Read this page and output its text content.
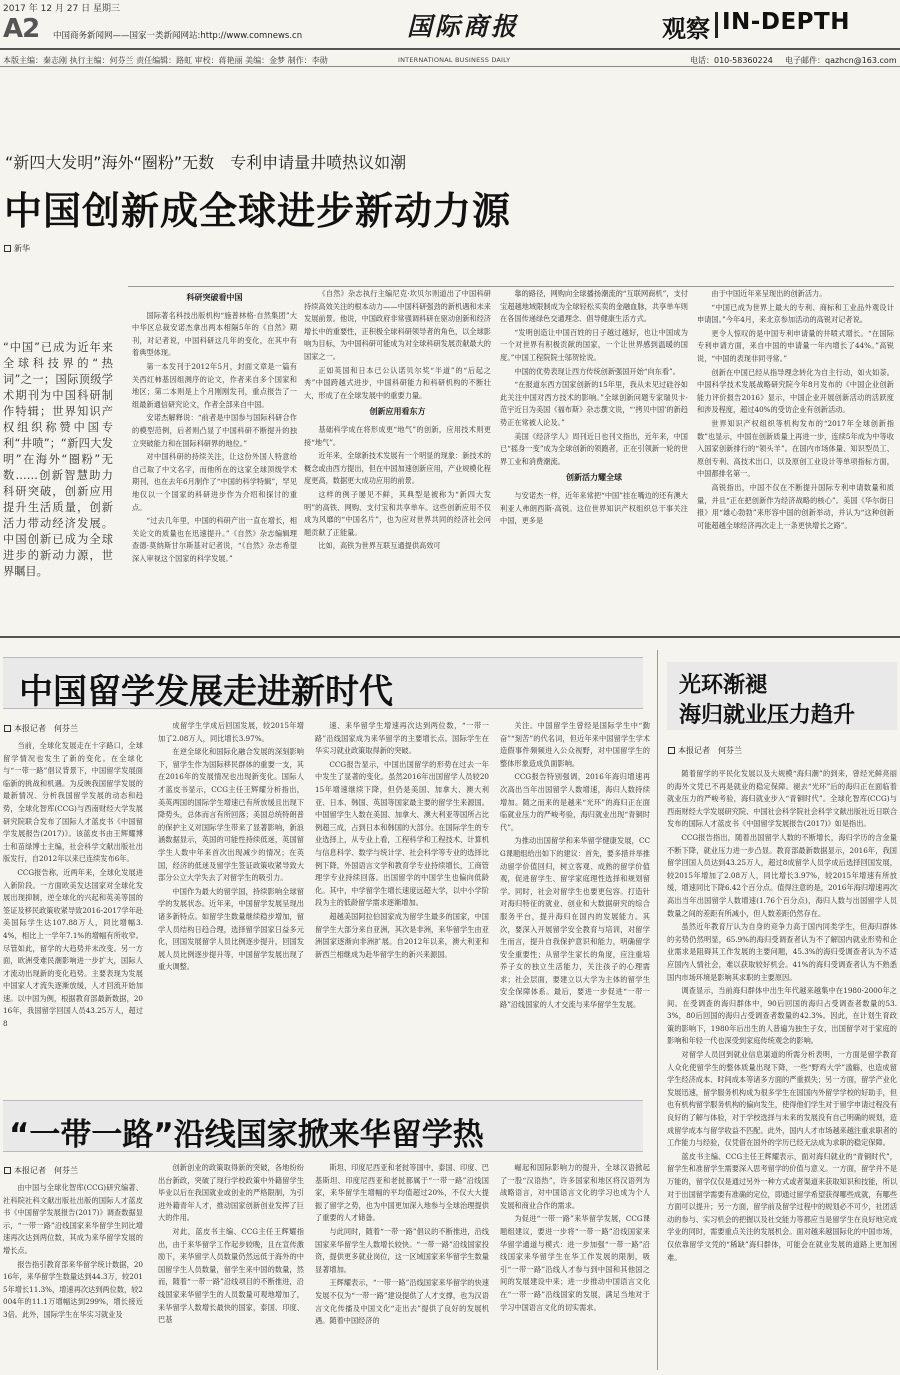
2017 年 12 月 27 日 星期三
A2 中国商务新闻网——国家一类新闻网站:http://www.comnews.cn	国际商报
INTERNATIONAL BUSINESS DAILY
观察 IN-DEPTH
本版主编：秦志刚 执行主编：何芬兰 责任编辑：路虹 审校：蒋艳丽 美编：金梦 制作：李勋	电话：010-58360224 电子邮件：qazhcn@163.com
“新四大发明”海外“圈粉”无数　专利申请量井喷热议如潮
中国创新成全球进步新动力源
新华
“中国”已成为近年来全球科技界的“热词”之一；国际顶级学术期刊为中国科研制作特辑；世界知识产权组织称赞中国专利“井喷”；“新四大发明”在海外“圈粉”无数……创新智慧助力科研突破，创新应用提升生活质量，创新活力带动经济发展。中国创新已成为全球进步的新动力源，世界瞩目。
科研突破看中国

国际著名科技出版机构“施普林格·自然集团”大中华区总裁安诺杰拿出两本相隔5年的《自然》期刊，对记者说，中国科研这几年的变化，在其中有着典型体现。

第一本发刊于2012年5月，封面文章是一篇有关西红柿基因组测序的论文，作者来自多个国家和地区；第二本则是上个月刚刚发刊，重点报告了一组最新通信研究论文，作者全部来自中国。

安诺杰解释说：“前者是中国参与国际科研合作的模型范例，后者则凸显了中国科研不断提升的独立突破能力和在国际科研界的地位。”

对中国科研的持续关注，让这份外国人特意给自己取了中文名字，而他所在的这家全球顶级学术期刊，也在去年6月制作了“中国的科学特辑”，罕见地仅以一个国家的科研进步作为介绍和探讨的重点。

“过去几年里，中国的科研产出一直在增长，相关论文的质量也在迅速提升。”《自然》杂志编辑理查德·莫纳斯甘尔斯基对记者说，“《自然》杂志希望深入审视这个国家的科学发展。”

《自然》杂志执行主编尼克·坎贝尔则道出了中国科研持续高效关注的根本动力——中国科研强劲的新机遇和未来发展前景。他说，中国政府非常强调科研在驱动创新和经济增长中的重要性，正积极全球科研领导者的角色，以全球影响为目标，为中国科研可能成为对全球科研发展贡献最大的国家之一。

正如英国和日本已公认诺贝尔奖“半道”的“后起之秀”中国跨越式进步，中国科研能力和科研机构的不断壮大，形成了在全球发展中的重要力量。

创新应用看东方

基础科学成在将形成更“地气”的创新，应用技术则更接“地气”。

近年来，全球新技术发展有一个明显的现象：新技术的概念或由西方提出，但在中国加速创新应用，产业规模化程度更高，数据更大成功应用的前景。

这样的例子屡见不鲜，其典型是被称为“新四大发明”的高铁、网购、支付宝和共享单车。这些创新应用不仅成为风靡的“中国名片”，也为应对世界共同的经济社会问题贡献了正能量。

比如，高铁为世界互联互通提供高效可

靠的路径，网购向全球播扬潮流的“互联网商机”，支付宝超越地域限制成为全球轻松买卖的金融血脉，共享单车则在各国传递绿色交通理念、倡导健康生活方式。

“发明创造让中国百姓的日子越过越好，也让中国成为一个对世界有积极贡献的国家，一个让世界感到温暖的国度。”中国工程院院士邬贺铨说。

中国的优势表现让西方传统创新强国开始“向东看”。

“在报道东西方国家创新的15年里，我从未见过硅谷如此关注中国对西方技术的影响。”全球创新问题专家瑞贝卡·范宇近日为美国《福布斯》杂志撰文说，“‘拷贝中国’的新趋势正在常被人论及。”

美国《经济学人》周刊近日也刊文指出，近年来，中国已“摇身一变”成为全球创新的领跑者，正在引领新一轮的世界工业和消费潮流。

创新活力耀全球

与安诺杰一样，近年来常把“中国”挂在嘴边的还有澳大利亚人弗朗西斯·高锐。这位世界知识产权组织总干事关注中国，更多是

由于中国近年来呈现出的创新活力。

“中国已成为世界上最大的专利、商标和工业品外观设计申请国。”今年4月，来北京参加活动的高锐对记者说。

更令人惊叹的是中国专利申请量的井喷式增长。“在国际专利申请方面，来自中国的申请量一年内增长了44%。”高锐说，“中国的表现非同寻常。”

创新在中国已经从指导理念转化为自主行动，如火如荼。中国科学技术发展战略研究院今年8月发布的《中国企业创新能力评价报告2016》显示，中国企业开展创新活动的活跃度和涉及程度，超过40%的受访企业有创新活动。

世界知识产权组织等机构发布的“2017年全球创新指数”也显示，中国在创新质量上再进一步，连续5年成为中等收入国家创新排行的“领头羊”。在国内市场体量、知识型员工、原创专利、高技术出口，以及原创工业设计等单项指标方面，中国都排名第一。

高锐指出，中国不仅在不断提升国际专利申请数量和质量，并且“正在把创新作为经济战略的核心”。美国《华尔街日报》用“雄心勃勃”来形容中国的创新举动，并认为“这种创新可能超越全球经济再次走上一条更快增长之路”。

中国留学发展走进新时代
本报记者　何芬兰

当前，全球化发展走在十字路口，全球留学情况也发生了新的变化。在全球化与“一带一路”倡议背景下，中国留学发展面临新的挑战和机遇。为反映我国留学发展的最新情况、分析我国留学发展的动态和趋势，全球化智库(CCG)与西南财经大学发展研究院联合发布了国际人才蓝皮书《中国留学发展报告(2017)》。该蓝皮书由王辉耀博士和苗绿博士主编，社会科学文献出版社出版发行，自2012年以来已连续发布6年。

CCG报告称，近两年来，全球化发展进入新阶段。一方面欧美发达国家对全球化发展出现抑制，逆全球化的兴起和英美等国的签证及移民政策收紧导致2016-2017学年赴美国际学生达107.88万人，同比增幅3.4%，相比上一学年7.1%的增幅有所收窄。尽管如此，留学的大趋势并未改变。另一方面，欧洲受难民潮影响进一步扩大，国际人才流动出现新的变化趋势。主要表现为发展中国家人才流失逐渐放缓，人才回流开始加速。以中国为例，根据教育部最新数据，2016年，我国留学回国人员43.25万人，超过8

成留学生学成后回国发展，较2015年增加了2.08万人，同比增长3.97%。

在逆全球化和国际化融合发展的深刻影响下，留学生作为国际移民群体的重要一支，其在2016年的发展情况也出现新变化。国际人才蓝皮书显示，CCG主任王辉耀分析指出，美英两国的国际学生增速已有所放缓且出现下降势头，总体而言有所回落；美国总统特朗普的保护主义对国际学生带来了显著影响，新浪涵数据显示，英国的可能性持续低迷，英国留学生人数中年来首次出现减少的情况；在英国，经济的低迷及留学生签证政策收紧导致大部分公立大学失去了对留学生的吸引力。

中国作为最大的留学国，持续影响全球留学的发展状态。近年来，中国留学发展呈现出诸多新特点。如留学生数量继续稳步增加，留学人员结构日趋合理，选择留学国家日益多元化，回国发展留学人员比例逐步提升，回国发展人员比例逐步提升等，中国留学发展出现了重大调整。

速、来华留学生增速再次达到两位数，“一带一路”沿线国家成为来华留学的主要增长点。国际学生在华实习就业政策取得新的突破。

CCG报告显示，中国出国留学的形势在过去一年中发生了显著的变化。虽然2016年出国留学人员较2015年增速继续下降，但仍是美国、加拿大、澳大利亚、日本、韩国、英国等国家最主要的留学生来源国。中国留学生人数在美国、加拿大、澳大利亚等国所占比例超三成，占到日本和韩国的大部分。在国际学生的专业选择上，从专业上看，工程科学和工程技术、计算机与信息科学、数学与统计学、社会科学等专业的选择比例下降，外国语言文学和教育学专业持续增长，工商管理学专业持续回落。出国留学的中国学生也偏向低龄化。其中，中学留学生增长速度远超大学，以中小学阶段为主的低龄留学需求逐渐增加。

超越美国阿拉伯国家成为留学生最多的国家，中国留学生大部分来自亚洲，其次是非洲，来华留学生由亚洲国家逐渐向非洲扩展。自2012年以来，澳大利亚和新西兰相继成为赴华留学生的新兴来源国。

关注。中国留学生曾经是国际学生中“勤奋”“刻苦”的代名词，但近年来中国留学生学术造假事件频频进入公众视野，对中国留学生的整体形象造成负面影响。

CCG报告特别强调，2016年海归增速再次高出当年出国留学人数增速，海归人数持续增加。随之而来的是越来“光环”的海归正在面临就业压力的严峻考验，海归就业出现“青铜时代”。

为推动出国留学和来华留学健康发展，CCG课题组给出如下的建议：首先，要多措并举推动留学价值回归，树立客观、成熟的留学价值观，促进留学生、留学家庭理性选择和规划留学。同时，社会对留学生也要更包容。打造针对海归特征的就业、创业和大数据研究的综合服务平台，提升海归在国内的发展能力。其次，要深入开展留学安全教育与培训，对留学生而言，提升自我保护意识和能力，明确留学安全重要性；从留学生家长的角度，应注重培养子女的独立生活能力，关注孩子的心理需求；社会层面，要建立以大学为主体的留学生安全保障体系。最后，要进一步促进“一带一路”沿线国家的人才交流与来华留学生发展。

光环渐褪
海归就业压力趋升
本报记者　何芬兰

随着留学的平民化发展以及大规模“海归潮”的到来，曾经光鲜亮丽的海外文凭已不再是就业的稳定保障。褪去“光环”后的海归正在面临着就业压力的严峻考验，海归就业步入“青铜时代”。全球化智库(CCG)与西南财经大学发展研究院、中国社会科学院社会科学文献出版社近日联合发布的国际人才蓝皮书《中国留学发展报告(2017)》如是指出。

CCG报告指出，随着出国留学人数的不断增长，海归学历的含金量不断下降，就业压力进一步凸显。教育部最新数据显示，2016年，我国留学回国人员达到43.25万人，超过8成留学人员学成后选择回国发展，较2015年增加了2.08万人，同比增长3.97%，较2015年增速有所放缓，增速同比下降6.42个百分点。值得注意的是，2016年海归增速再次高出当年出国留学人数增速(1.76个百分点)，海归人数与出国留学人员数量之间的差距有所减小，但人数差距仍然存在。

虽然近年教育厅认为自身的竞争力高于国内同类学生，但海归群体的劣势仍然明显，65.9%的海归受调查者认为不了解国内就业形势和企业需求是阻碍其工作发展的主要问题，45.3%的海归受调查者认为不适应国内人情社会，难以获取较好机会。41%的海归受调查者认为不熟悉国内市场环境是影响其求职的主要原因。

调查显示，当前海归群体中出生年代越来越集中在1980-2000年之间。在受调查的海归群体中，90后回国的海归占受调查者数量的53.3%，80后回国的海归占受调查者数量的42.3%。因此，在计划生育政策的影响下，1980年后出生的人普遍为独生子女，出国留学对于家庭的影响和年轻一代也深受到家庭传统观念的影响。

对留学人员回到就业信息渠道的所需分析表明，一方面是留学教育人众化使留学生的整体质量出现下降，一些“野鸡大学”滥觞，也造成留学生经济成本、时间成本等诸多方面的严重损失；另一方面，留学产业化发展迅速，留学服务机构成为很多学生在国国内外留学学校的好助手，但也有机构留学服务机构的偏向发生，使得他们学生对于留学申请过程没有良好的了解与体验，对于学校选择与未来的发展没有自己明确的规划，造成留学成本与留学收益不匹配。此外，国内人才市场越来越注重求职者的工作能力与经验，仅凭借在国外的学历已经无法成为求职的稳定保障。

蓝皮书主编、CCG主任王辉耀表示，面对海归就业的“青铜时代”，留学生和准留学生需要深入思考留学的价值与意义。一方面，留学并不是万能的，留学仅仅是通过另外一种方式或者渠道来获取知识和技能，所以对于出国留学需要有准确的定位，即通过留学希望获得哪些成就，有哪些方面可以提升；另一方面，留学前及留学过程中的规划必不可少，社团活动的参与、实习机会的把握以及社交能力等都应当是留学生在良好地完成学业的同时，需要重点关注的发展机会。面对越来越国际化的中国市场，仅依靠留学文凭的“稀缺”海归群体，可能会在就业发展的道路上更加困难。

“一带一路”沿线国家掀来华留学热
本报记者　何芬兰

由中国与全球化智库(CCG)研究编著、社科院社科文献出版社出版的国际人才蓝皮书《中国留学发展报告(2017)》调查数据显示，“一带一路”沿线国家来华留学生同比增速再次达到两位数，其成为来华留学发展的增长点。

报告指引教育部来华留学统计数据，2016年，来华留学生数量达到44.3万，较2015年增长11.3%，增速再次达到两位数，较2004年的11.1万增幅达到299%，增长接近3倍。此外，国际学生在华实习就业及

创新创业的政策取得新的突破，各地纷纷出台新政，突破了现行学校政策中外籍留学生毕业以后在我国就业或创业的严格限制，为引进外籍青年人才，推动国家创新创业发挥了巨大的作用。

对此，蓝皮书主编、CCG主任王辉耀指出，由于来华留学工作起步较晚，且在宣传激励下，来华留学人员数量仍然远低于海外的中国留学生人员数量，留学生来中国的数量，然而，随着“一带一路”沿线项目的不断推进，沿线国家来华留学生的人员数量可观地增加了，来华留学人数增长最快的国家，泰国、印度、巴基

斯坦、印度尼西亚和老挝等国中，泰国、印度、巴基斯坦、印度尼西亚和老挝都属于“一带一路”沿线国家，来华留学生增幅的平均值超过20%，不仅大大提振了留学之势，也为中国更加深入地参与全球治理提供了重要的人才储备。

与此同时，随着“一带一路”倡议的不断推进，沿线国家来华留学生人数增长较快。“一带一路”沿线国家投资，提供更多就业岗位，这一区域国家来华留学生数量显著增加。

王辉耀表示，“一带一路”沿线国家来华留学的快速发展不仅为“一带一路”建设提供了人才支撑，也为汉语言文化传播及中国文化“走出去”提供了良好的发展机遇。随着中国经济的

崛起和国际影响力的提升，全球汉语掀起了一股“汉语热”，许多国家和地区将汉语列为战略语言，对中国语言文化的学习也成为个人发展和商业合作的需求。

为促进“一带一路”来华留学发展，CCG课题组建议，要进一步将“一带一路”沿线国家来华留学通道与模式：进一步加强“一带一路”沿线国家来华留学生在华工作发展的限制，吸引“一带一路”沿线人才参与到中国和其他国之间的发展建设中来；进一步推动中国语言文化在“一带一路”沿线国家的发展，满足当地对于学习中国语言文化的切实需求。
